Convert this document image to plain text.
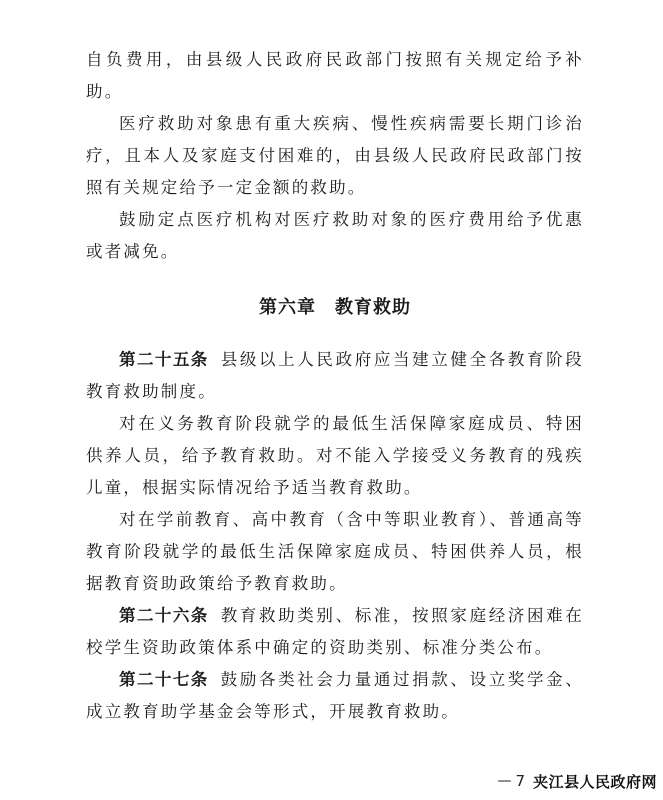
自负费用，由县级人民政府民政部门按照有关规定给予补助。

医疗救助对象患有重大疾病、慢性疾病需要长期门诊治疗，且本人及家庭支付困难的，由县级人民政府民政部门按照有关规定给予一定金额的救助。

鼓励定点医疗机构对医疗救助对象的医疗费用给予优惠或者减免。

第六章　教育救助

第二十五条 县级以上人民政府应当建立健全各教育阶段教育救助制度。

对在义务教育阶段就学的最低生活保障家庭成员、特困供养人员，给予教育救助。对不能入学接受义务教育的残疾儿童，根据实际情况给予适当教育救助。

对在学前教育、高中教育（含中等职业教育）、普通高等教育阶段就学的最低生活保障家庭成员、特困供养人员，根据教育资助政策给予教育救助。

第二十六条 教育救助类别、标准，按照家庭经济困难在校学生资助政策体系中确定的资助类别、标准分类公布。

第二十七条 鼓励各类社会力量通过捐款、设立奖学金、成立教育助学基金会等形式，开展教育救助。

— 7 夹江县人民政府网
